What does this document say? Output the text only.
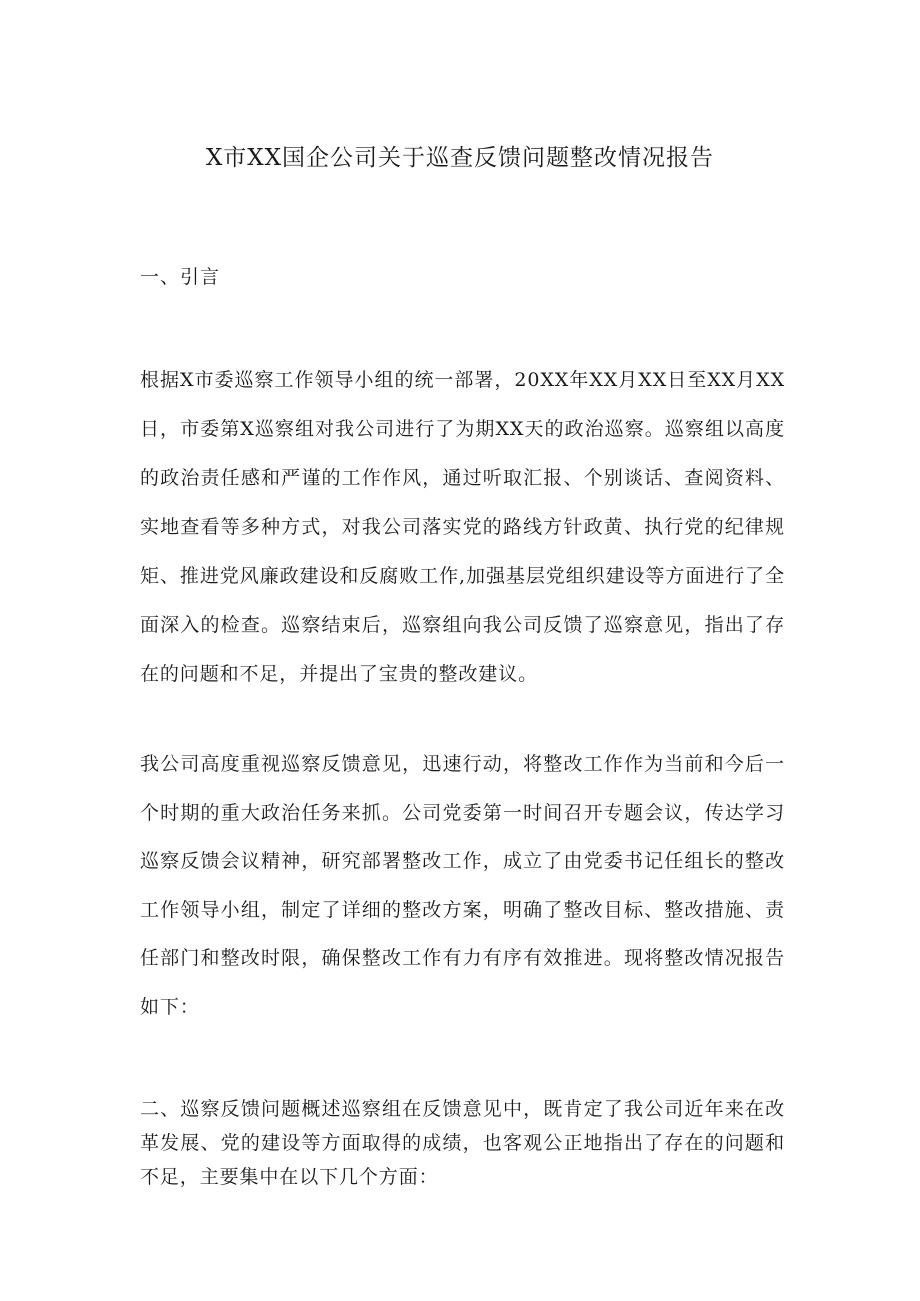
X市XX国企公司关于巡查反馈问题整改情况报告
一、引言

根据X市委巡察工作领导小组的统一部署，20XX年XX月XX日至XX月XX日，市委第X巡察组对我公司进行了为期XX天的政治巡察。巡察组以高度的政治责任感和严谨的工作作风，通过听取汇报、个别谈话、查阅资料、实地查看等多种方式，对我公司落实党的路线方针政黄、执行党的纪律规矩、推进党风廉政建设和反腐败工作,加强基层党组织建设等方面进行了全面深入的检查。巡察结束后，巡察组向我公司反馈了巡察意见，指出了存在的问题和不足，并提出了宝贵的整改建议。

我公司高度重视巡察反馈意见，迅速行动，将整改工作作为当前和今后一个时期的重大政治任务来抓。公司党委第一时间召开专题会议，传达学习巡察反馈会议精神，研究部署整改工作，成立了由党委书记任组长的整改工作领导小组，制定了详细的整改方案，明确了整改目标、整改措施、责任部门和整改时限，确保整改工作有力有序有效推进。现将整改情况报告如下：

二、巡察反馈问题概述巡察组在反馈意见中，既肯定了我公司近年来在改革发展、党的建设等方面取得的成绩，也客观公正地指出了存在的问题和不足，主要集中在以下几个方面：
